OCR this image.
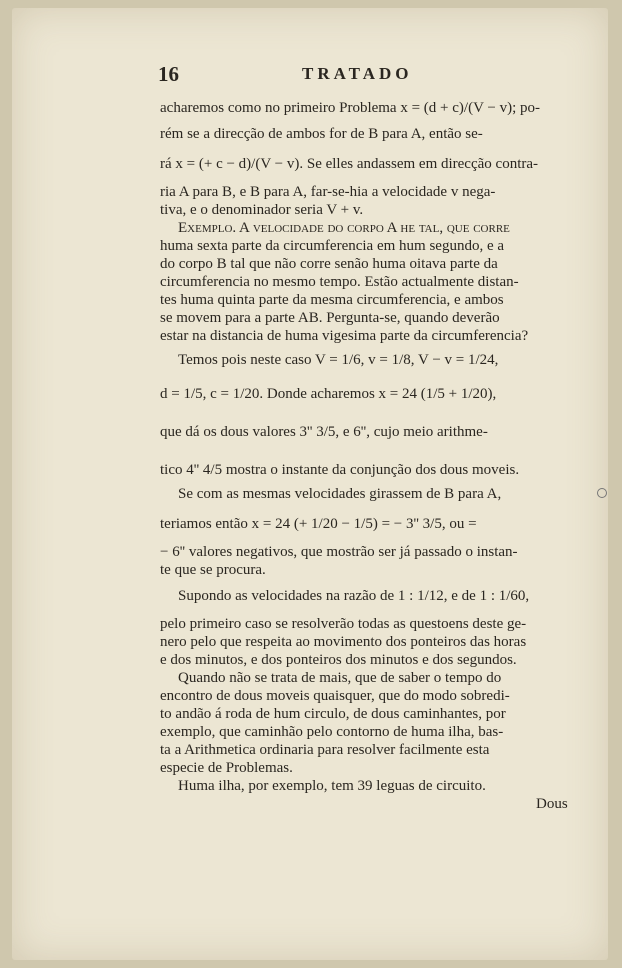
16	TRATADO
acharemos como no primeiro Problema x = (d + c)/(V − v); po-
rém se a direcção de ambos for de B para A, então se-
rá x = (+ c − d)/(V − v). Se elles andassem em direcção contra-
ria A para B, e B para A, far-se-hia a velocidade v nega-
tiva, e o denominador seria V + v.
Exemplo. A velocidade do corpo A he tal, que corre
huma sexta parte da circumferencia em hum segundo, e a
do corpo B tal que não corre senão huma oitava parte da
circumferencia no mesmo tempo. Estão actualmente distan-
tes huma quinta parte da mesma circumferencia, e ambos
se movem para a parte AB. Pergunta-se, quando deverão
estar na distancia de huma vigesima parte da circumferencia?
Temos pois neste caso V = 1/6, v = 1/8, V − v = 1/24,
d = 1/5, c = 1/20. Donde acharemos x = 24 (1/5 + 1/20),
que dá os dous valores 3'' 3/5, e 6'', cujo meio arithme-
tico 4'' 4/5 mostra o instante da conjunção dos dous moveis.
Se com as mesmas velocidades girassem de B para A,
teriamos então x = 24 (+ 1/20 − 1/5) = − 3'' 3/5, ou =
− 6'' valores negativos, que mostrão ser já passado o instan-
te que se procura.
Supondo as velocidades na razão de 1 : 1/12, e de 1 : 1/60,
pelo primeiro caso se resolverão todas as questoens deste ge-
nero pelo que respeita ao movimento dos ponteiros das horas
e dos minutos, e dos ponteiros dos minutos e dos segundos.
Quando não se trata de mais, que de saber o tempo do
encontro de dous moveis quaisquer, que do modo sobredi-
to andão á roda de hum circulo, de dous caminhantes, por
exemplo, que caminhão pelo contorno de huma ilha, bas-
ta a Arithmetica ordinaria para resolver facilmente esta
especie de Problemas.
Huma ilha, por exemplo, tem 39 leguas de circuito.
Dous
